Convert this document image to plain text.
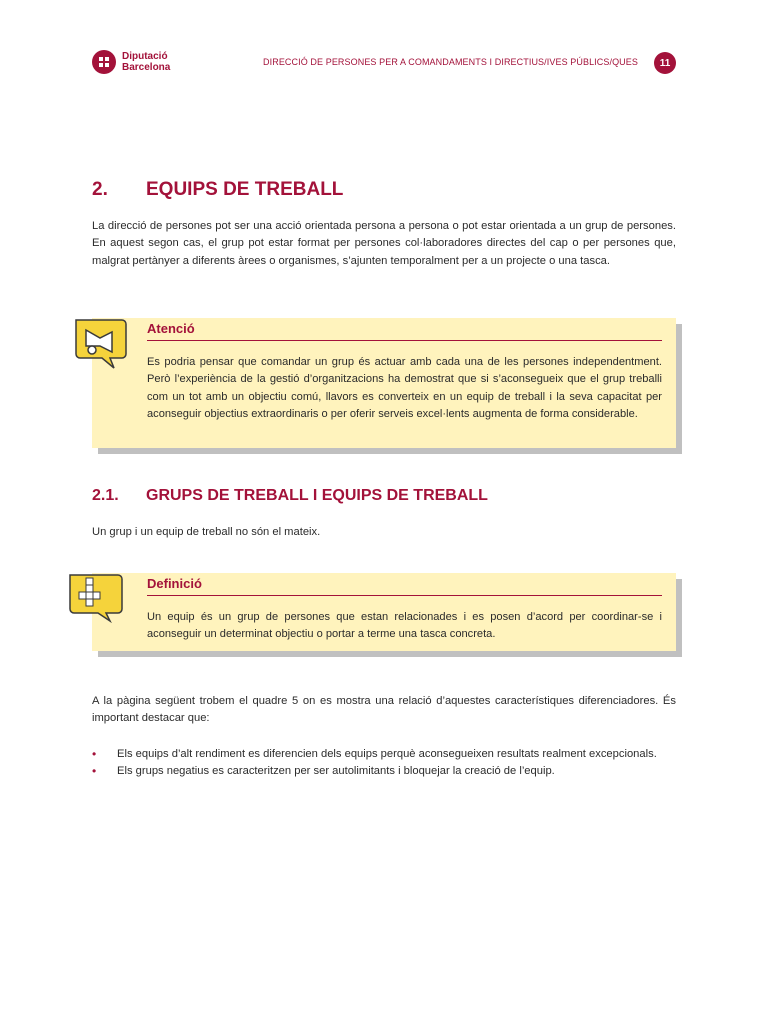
Diputació
Barcelona	DIRECCIÓ DE PERSONES PER A COMANDAMENTS I DIRECTIUS/IVES PÚBLICS/QUES	11
2.	EQUIPS DE TREBALL
La direcció de persones pot ser una acció orientada persona a persona o pot estar orientada a un grup de persones. En aquest segon cas, el grup pot estar format per persones col·laboradores directes del cap o per persones que, malgrat pertànyer a diferents àrees o organismes, s’ajunten temporalment per a un projecte o una tasca.
Atenció
Es podria pensar que comandar un grup és actuar amb cada una de les persones independentment. Però l’experiència de la gestió d’organitzacions ha demostrat que si s’aconsegueix que el grup treballi com un tot amb un objectiu comú, llavors es converteix en un equip de treball i la seva capacitat per aconseguir objectius extraordinaris o per oferir serveis excel·lents augmenta de forma considerable.
2.1.	GRUPS DE TREBALL I EQUIPS DE TREBALL
Un grup i un equip de treball no són el mateix.
Definició
Un equip és un grup de persones que estan relacionades i es posen d’acord per coordinar-se i aconseguir un determinat objectiu o portar a terme una tasca concreta.
A la pàgina següent trobem el quadre 5 on es mostra una relació d’aquestes característiques diferenciadores. És important destacar que:
• Els equips d’alt rendiment es diferencien dels equips perquè aconsegueixen resultats realment excepcionals.
• Els grups negatius es caracteritzen per ser autolimitants i bloquejar la creació de l’equip.
